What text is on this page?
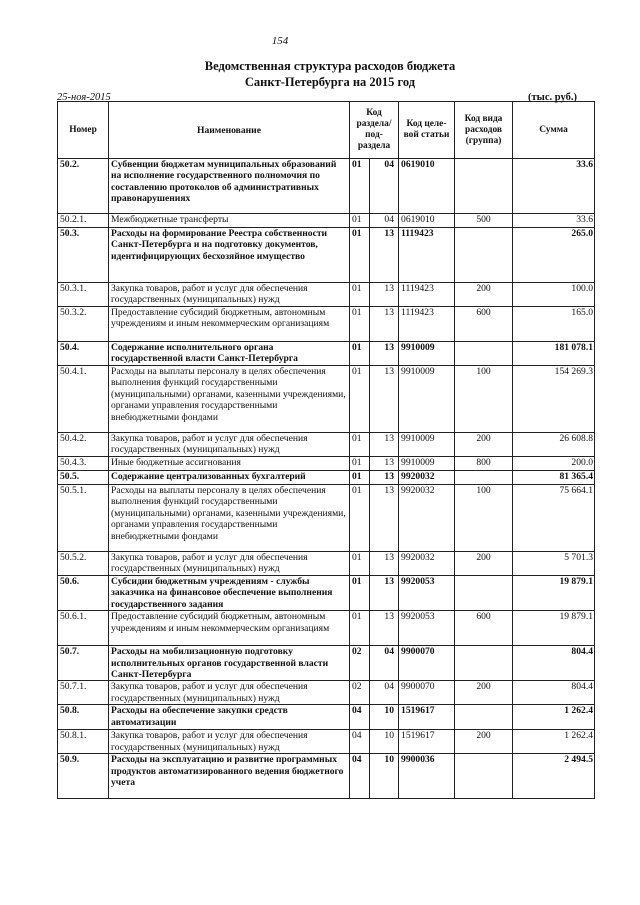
154
Ведомственная структура расходов бюджета
Санкт-Петербурга на 2015 год
25-ноя-2015	(тыс. руб.)
Номер	Наименование	Код раздела/ под-раздела		Код целе-вой статьи	Код вида расходов (группа)	Сумма
50.2.	Субвенции бюджетам муниципальных образований на исполнение государственного полномочия по составлению протоколов об административных правонарушениях	01	04	0619010		33.6
50.2.1.	Межбюджетные трансферты	01	04	0619010	500	33.6
50.3.	Расходы на формирование Реестра собственности Санкт-Петербурга и на подготовку документов, идентифицирующих бесхозяйное имущество	01	13	1119423		265.0
50.3.1.	Закупка товаров, работ и услуг для обеспечения государственных (муниципальных) нужд	01	13	1119423	200	100.0
50.3.2.	Предоставление субсидий бюджетным, автономным учреждениям и иным некоммерческим организациям	01	13	1119423	600	165.0
50.4.	Содержание исполнительного органа государственной власти Санкт-Петербурга	01	13	9910009		181 078.1
50.4.1.	Расходы на выплаты персоналу в целях обеспечения выполнения функций государственными (муниципальными) органами, казенными учреждениями, органами управления государственными внебюджетными фондами	01	13	9910009	100	154 269.3
50.4.2.	Закупка товаров, работ и услуг для обеспечения государственных (муниципальных) нужд	01	13	9910009	200	26 608.8
50.4.3.	Иные бюджетные ассигнования	01	13	9910009	800	200.0
50.5.	Содержание централизованных бухгалтерий	01	13	9920032		81 365.4
50.5.1.	Расходы на выплаты персоналу в целях обеспечения выполнения функций государственными (муниципальными) органами, казенными учреждениями, органами управления государственными внебюджетными фондами	01	13	9920032	100	75 664.1
50.5.2.	Закупка товаров, работ и услуг для обеспечения государственных (муниципальных) нужд	01	13	9920032	200	5 701.3
50.6.	Субсидии бюджетным учреждениям - службы заказчика на финансовое обеспечение выполнения государственного задания	01	13	9920053		19 879.1
50.6.1.	Предоставление субсидий бюджетным, автономным учреждениям и иным некоммерческим организациям	01	13	9920053	600	19 879.1
50.7.	Расходы на мобилизационную подготовку исполнительных органов государственной власти Санкт-Петербурга	02	04	9900070		804.4
50.7.1.	Закупка товаров, работ и услуг для обеспечения государственных (муниципальных) нужд	02	04	9900070	200	804.4
50.8.	Расходы на обеспечение закупки средств автоматизации	04	10	1519617		1 262.4
50.8.1.	Закупка товаров, работ и услуг для обеспечения государственных (муниципальных) нужд	04	10	1519617	200	1 262.4
50.9.	Расходы на эксплуатацию и развитие программных продуктов автоматизированного ведения бюджетного учета	04	10	9900036		2 494.5
